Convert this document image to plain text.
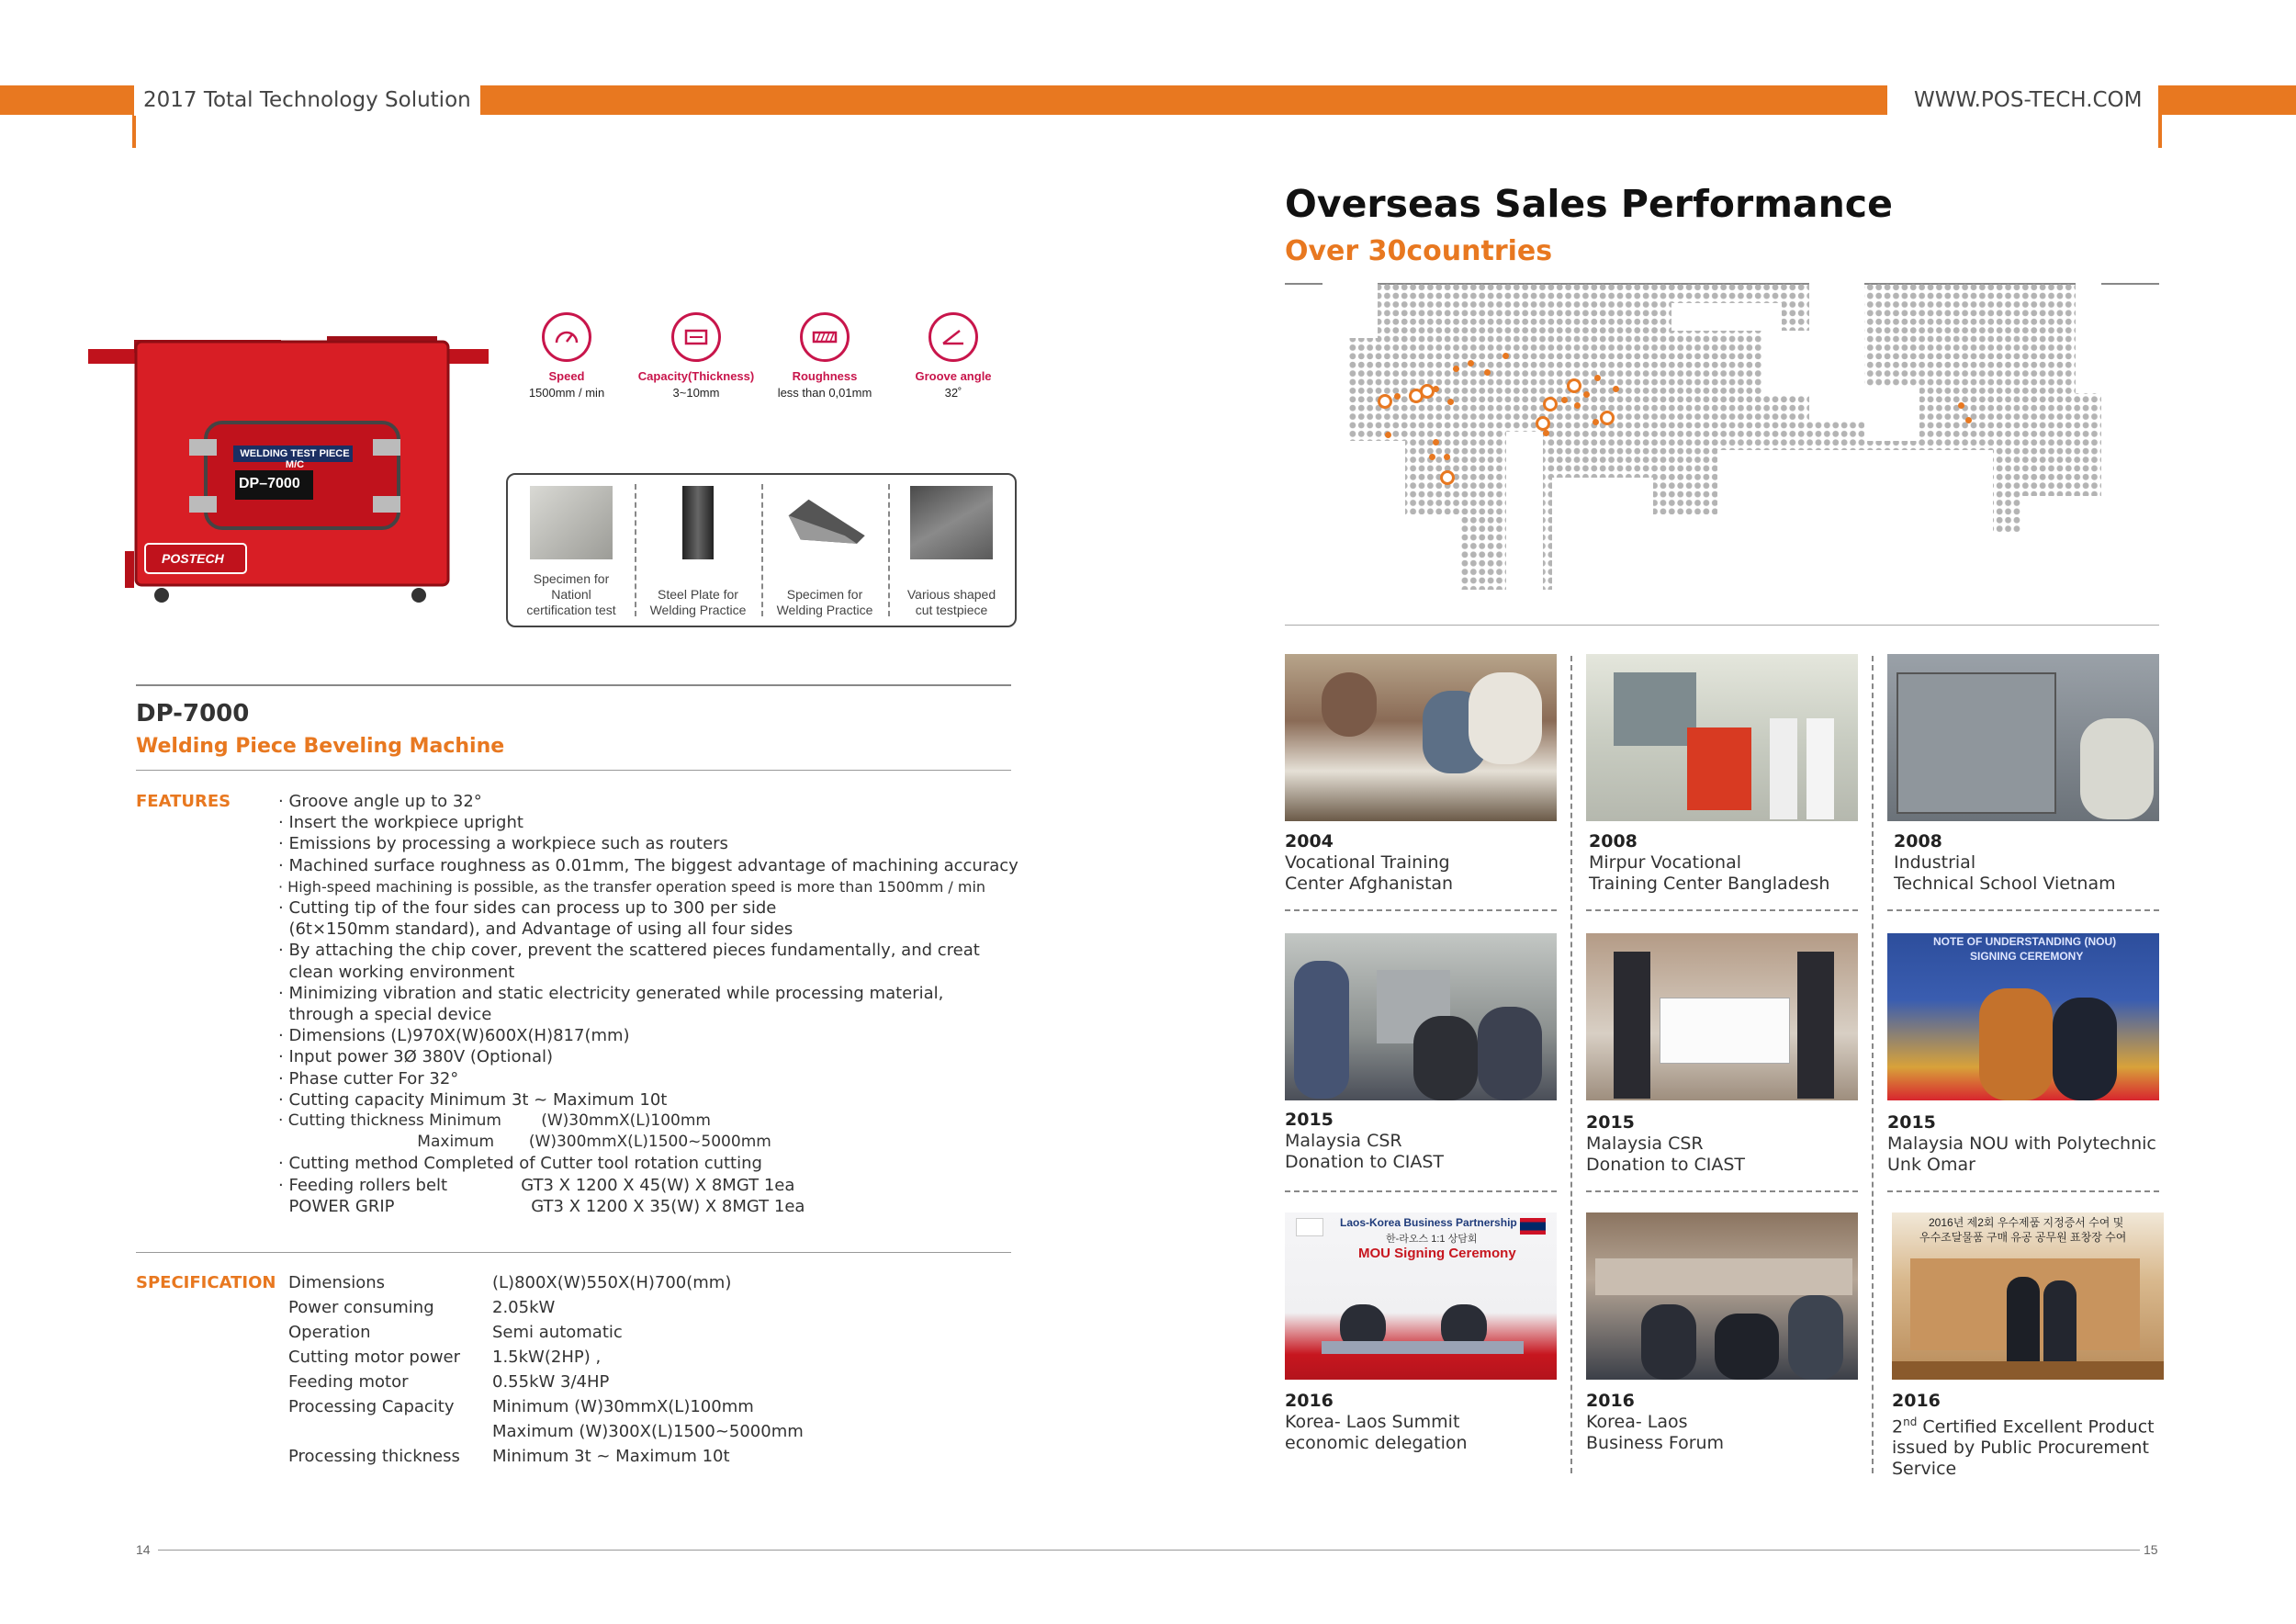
2017 Total Technology Solution	WWW.POS-TECH.COM
WELDING TEST PIECE M/C
DP–7000
POSTECH
Speed
1500mm / min
Capacity(Thickness)
3~10mm
Roughness
less than 0,01mm
Groove angle
32˚
Specimen for
Nationl
certification test
Steel Plate for
Welding Practice
Specimen for
Welding Practice
Various shaped
cut testpiece
DP-7000
Welding Piece Beveling Machine
FEATURES	· Groove angle up to 32°
· Insert the workpiece upright
· Emissions by processing a workpiece such as routers
· Machined surface roughness as 0.01mm, The biggest advantage of machining accuracy
· High-speed machining is possible, as the transfer operation speed is more than 1500mm / min
· Cutting tip of the four sides can process up to 300 per side
(6t×150mm standard), and Advantage of using all four sides
· By attaching the chip cover, prevent the scattered pieces fundamentally, and creat
clean working environment
· Minimizing vibration and static electricity generated while processing material,
through a special device
· Dimensions (L)970X(W)600X(H)817(mm)
· Input power 3Ø 380V (Optional)
· Phase cutter For 32°
· Cutting capacity Minimum 3t ~ Maximum 10t
· Cutting thickness Minimum        (W)30mmX(L)100mm
Maximum       (W)300mmX(L)1500~5000mm
· Cutting method Completed of Cutter tool rotation cutting
· Feeding rollers belt              GT3 X 1200 X 45(W) X 8MGT 1ea
POWER GRIP                          GT3 X 1200 X 35(W) X 8MGT 1ea
SPECIFICATION Dimensions	(L)800X(W)550X(H)700(mm)
Power consuming	2.05kW
Operation	Semi automatic
Cutting motor power 1.5kW(2HP) ,
Feeding motor	0.55kW 3/4HP
Processing Capacity Minimum (W)30mmX(L)100mm
Maximum (W)300X(L)1500~5000mm
Processing thickness Minimum 3t ~ Maximum 10t
14	15
Overseas Sales Performance
Over 30countries
NOTE OF UNDERSTANDING (NOU)
SIGNING CEREMONY
Laos-Korea Business Partnership
한-라오스 1:1 상담회
MOU Signing Ceremony
2016년 제2회 우수제품 지정증서 수여 및
우수조달물품 구매 유공 공무원 표창장 수여
2004
Vocational Training
Center Afghanistan
2008
Mirpur Vocational
Training Center Bangladesh
2008
Industrial
Technical School Vietnam
2015
Malaysia CSR
Donation to CIAST
2015
Malaysia CSR
Donation to CIAST
2015
Malaysia NOU with Polytechnic
Unk Omar
2016
Korea- Laos Summit
economic delegation
2016
Korea- Laos
Business Forum
2016
2nd Certified Excellent Product
issued by Public Procurement
Service
